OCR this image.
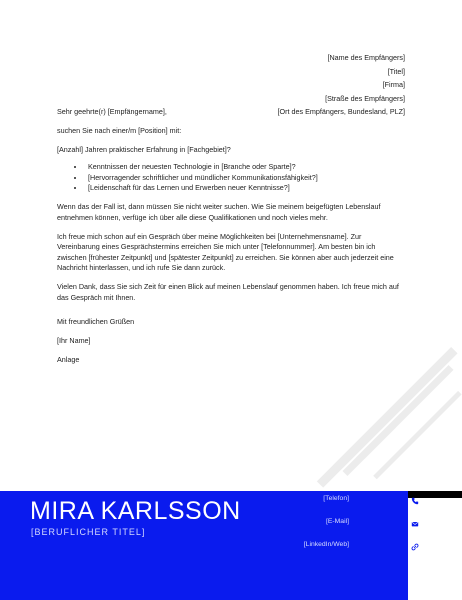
[Name des Empfängers]
[Titel]
[Firma]
[Straße des Empfängers]
[Ort des Empfängers, Bundesland, PLZ]

Sehr geehrte(r) [Empfängername],

suchen Sie nach einer/m [Position] mit:

[Anzahl] Jahren praktischer Erfahrung in [Fachgebiet]?

• Kenntnissen der neuesten Technologie in [Branche oder Sparte]?
• [Hervorragender schriftlicher und mündlicher Kommunikationsfähigkeit?]
• [Leidenschaft für das Lernen und Erwerben neuer Kenntnisse?]

Wenn das der Fall ist, dann müssen Sie nicht weiter suchen. Wie Sie meinem beigefügten Lebenslauf entnehmen können, verfüge ich über alle diese Qualifikationen und noch vieles mehr.

Ich freue mich schon auf ein Gespräch über meine Möglichkeiten bei [Unternehmensname]. Zur Vereinbarung eines Gesprächstermins erreichen Sie mich unter [Telefonnummer]. Am besten bin ich zwischen [frühester Zeitpunkt] und [spätester Zeitpunkt] zu erreichen. Sie können aber auch jederzeit eine Nachricht hinterlassen, und ich rufe Sie dann zurück.

Vielen Dank, dass Sie sich Zeit für einen Blick auf meinen Lebenslauf genommen haben. Ich freue mich auf das Gespräch mit Ihnen.

Mit freundlichen Grüßen

[Ihr Name]

Anlage

MIRA KARLSSON
[BERUFLICHER TITEL]
[Telefon]
[E-Mail]
[LinkedIn/Web]
